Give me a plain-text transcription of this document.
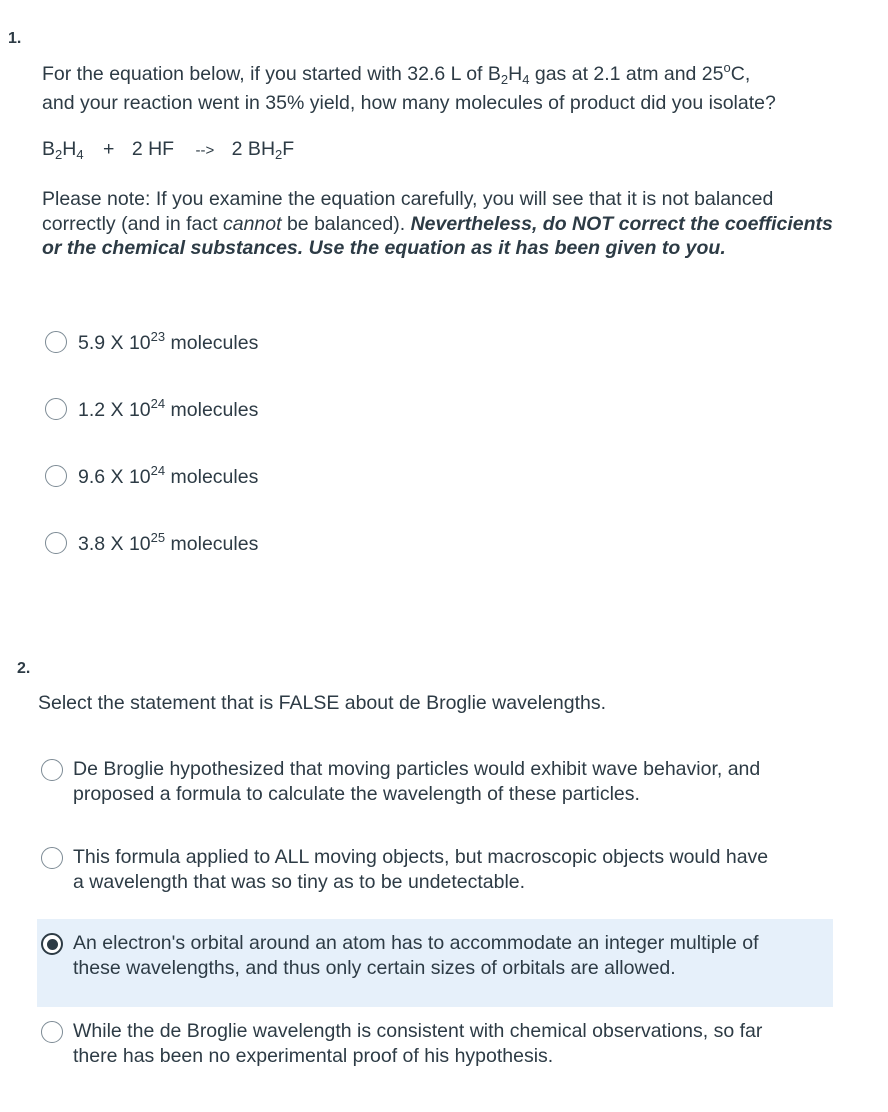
1.
For the equation below, if you started with 32.6 L of $B_2H_4$ gas at 2.1 atm and 25$^o$C,
and your reaction went in 35% yield, how many molecules of product did you isolate?
$B_2H_4 + 2$ HF --> 2 $BH_2F$
Please note: If you examine the equation carefully, you will see that it is not balanced correctly (and in fact cannot be balanced). Nevertheless, do NOT correct the coefficients or the chemical substances. Use the equation as it has been given to you.
5.9 X $10^{23}$ molecules
1.2 X $10^{24}$ molecules
9.6 X $10^{24}$ molecules
3.8 X $10^{25}$ molecules
2.
Select the statement that is FALSE about de Broglie wavelengths.
De Broglie hypothesized that moving particles would exhibit wave behavior, and
proposed a formula to calculate the wavelength of these particles.
This formula applied to ALL moving objects, but macroscopic objects would have
a wavelength that was so tiny as to be undetectable.
An electron's orbital around an atom has to accommodate an integer multiple of
these wavelengths, and thus only certain sizes of orbitals are allowed.
While the de Broglie wavelength is consistent with chemical observations, so far
there has been no experimental proof of his hypothesis.
